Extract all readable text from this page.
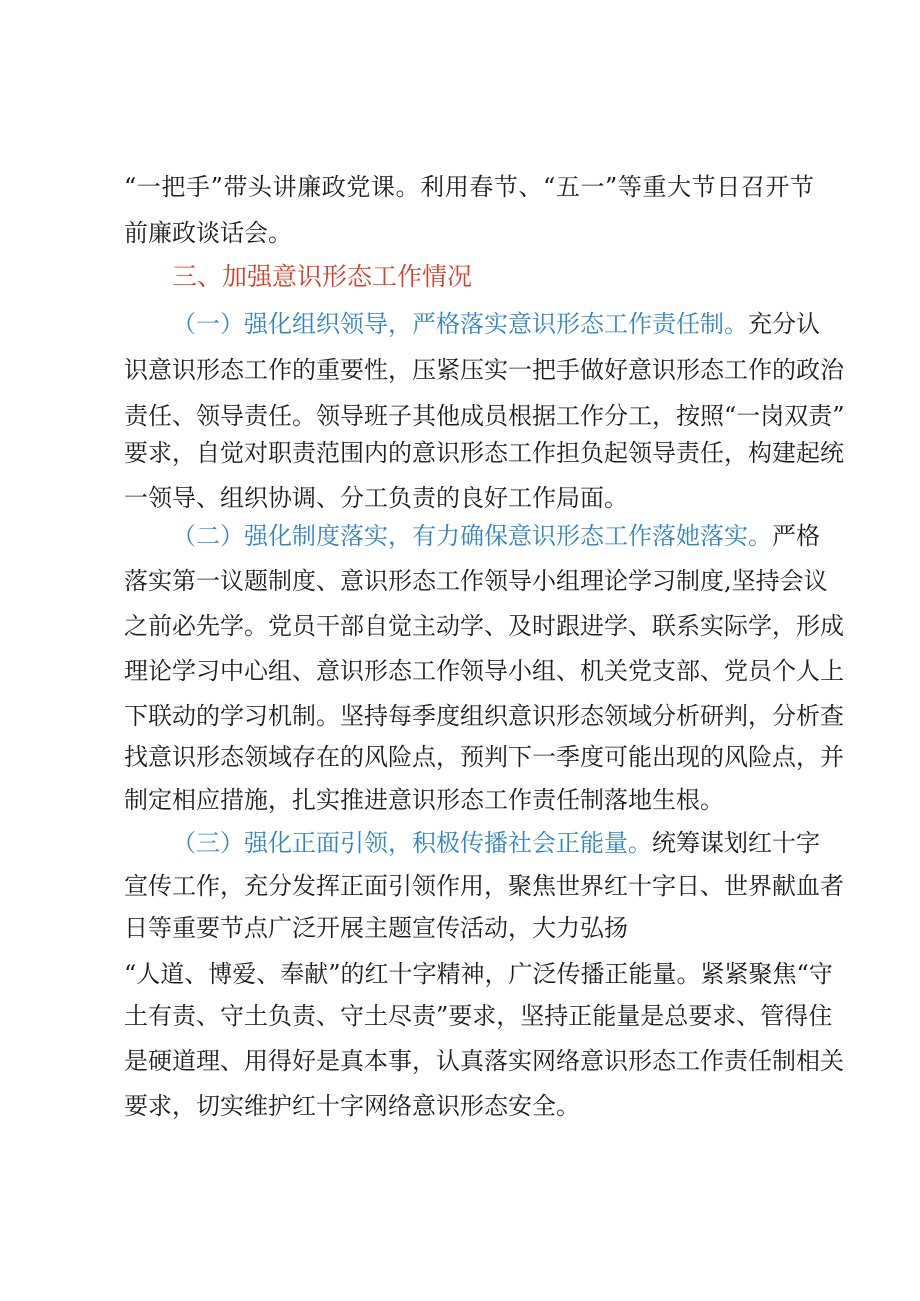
“一把手”带头讲廉政党课。利用春节、“五一”等重大节日召开节
前廉政谈话会。
三、加强意识形态工作情况
（一）强化组织领导，严格落实意识形态工作责任制。充分认
识意识形态工作的重要性，压紧压实一把手做好意识形态工作的政治
责任、领导责任。领导班子其他成员根据工作分工，按照“一岗双责”
要求，自觉对职责范围内的意识形态工作担负起领导责任，构建起统
一领导、组织协调、分工负责的良好工作局面。
（二）强化制度落实，有力确保意识形态工作落她落实。严格
落实第一议题制度、意识形态工作领导小组理论学习制度,坚持会议
之前必先学。党员干部自觉主动学、及时跟进学、联系实际学，形成
理论学习中心组、意识形态工作领导小组、机关党支部、党员个人上
下联动的学习机制。坚持每季度组织意识形态领域分析研判，分析查
找意识形态领域存在的风险点，预判下一季度可能出现的风险点，并
制定相应措施，扎实推进意识形态工作责任制落地生根。
（三）强化正面引领，积极传播社会正能量。统筹谋划红十字
宣传工作，充分发挥正面引领作用，聚焦世界红十字日、世界献血者
日等重要节点广泛开展主题宣传活动，大力弘扬
“人道、博爱、奉献”的红十字精神，广泛传播正能量。紧紧聚焦“守
土有责、守土负责、守土尽责”要求，坚持正能量是总要求、管得住
是硬道理、用得好是真本事，认真落实网络意识形态工作责任制相关
要求，切实维护红十字网络意识形态安全。
